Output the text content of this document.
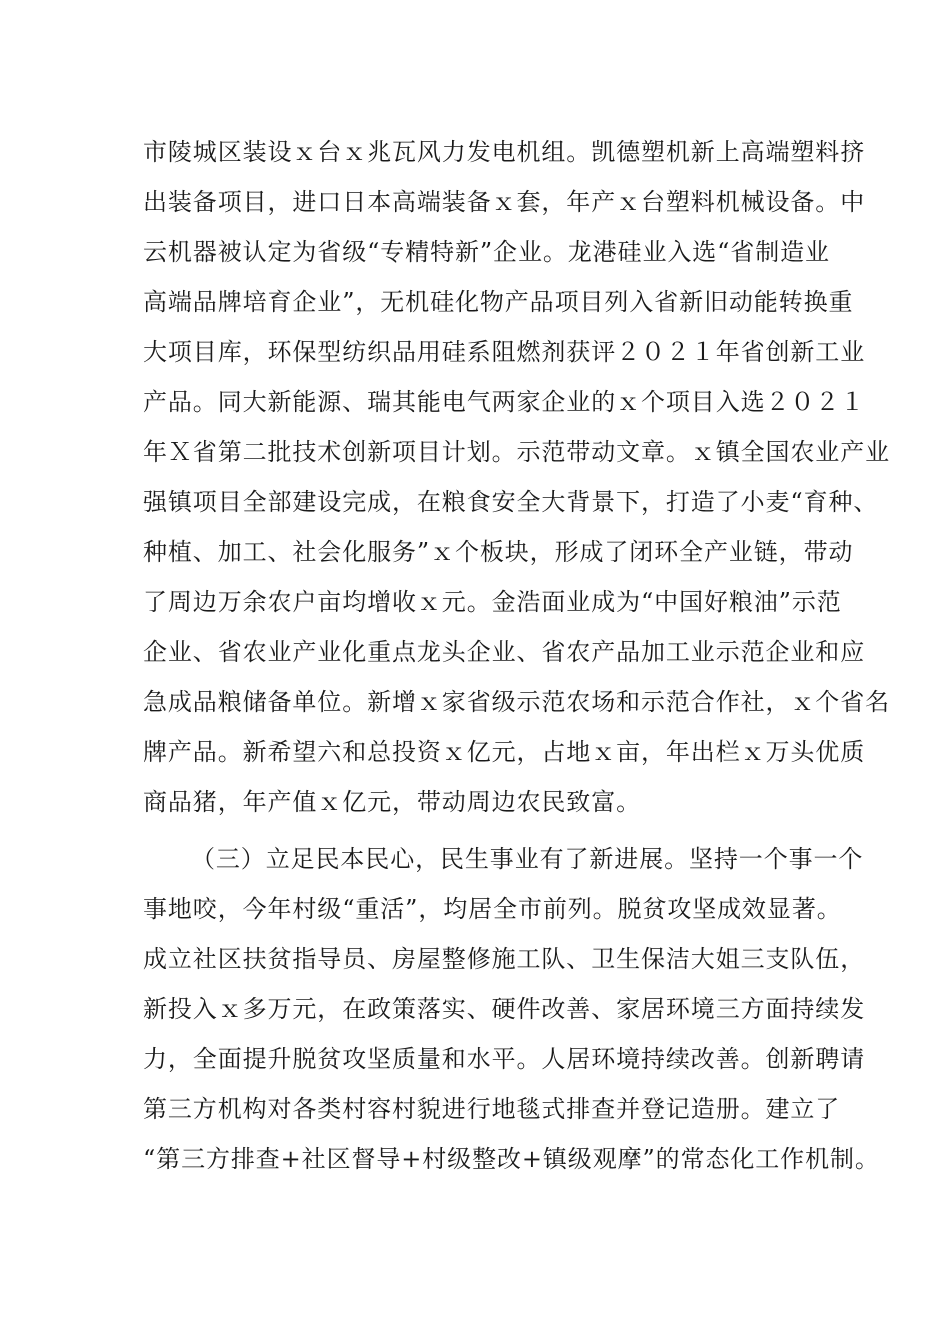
市陵城区装设ｘ台ｘ兆瓦风力发电机组。凯德塑机新上高端塑料挤
出装备项目，进口日本高端装备ｘ套，年产ｘ台塑料机械设备。中
云机器被认定为省级“专精特新”企业。龙港硅业入选“省制造业
高端品牌培育企业”，无机硅化物产品项目列入省新旧动能转换重
大项目库，环保型纺织品用硅系阻燃剂获评２０２１年省创新工业
产品。同大新能源、瑞其能电气两家企业的ｘ个项目入选２０２１
年Ｘ省第二批技术创新项目计划。示范带动文章。ｘ镇全国农业产业
强镇项目全部建设完成，在粮食安全大背景下，打造了小麦“育种、
种植、加工、社会化服务”ｘ个板块，形成了闭环全产业链，带动
了周边万余农户亩均增收ｘ元。金浩面业成为“中国好粮油”示范
企业、省农业产业化重点龙头企业、省农产品加工业示范企业和应
急成品粮储备单位。新增ｘ家省级示范农场和示范合作社，ｘ个省名
牌产品。新希望六和总投资ｘ亿元，占地ｘ亩，年出栏ｘ万头优质
商品猪，年产值ｘ亿元，带动周边农民致富。
（三）立足民本民心，民生事业有了新进展。坚持一个事一个
事地咬，今年村级“重活”，均居全市前列。脱贫攻坚成效显著。
成立社区扶贫指导员、房屋整修施工队、卫生保洁大姐三支队伍，
新投入ｘ多万元，在政策落实、硬件改善、家居环境三方面持续发
力，全面提升脱贫攻坚质量和水平。人居环境持续改善。创新聘请
第三方机构对各类村容村貌进行地毯式排查并登记造册。建立了
“第三方排查+社区督导+村级整改+镇级观摩”的常态化工作机制。
